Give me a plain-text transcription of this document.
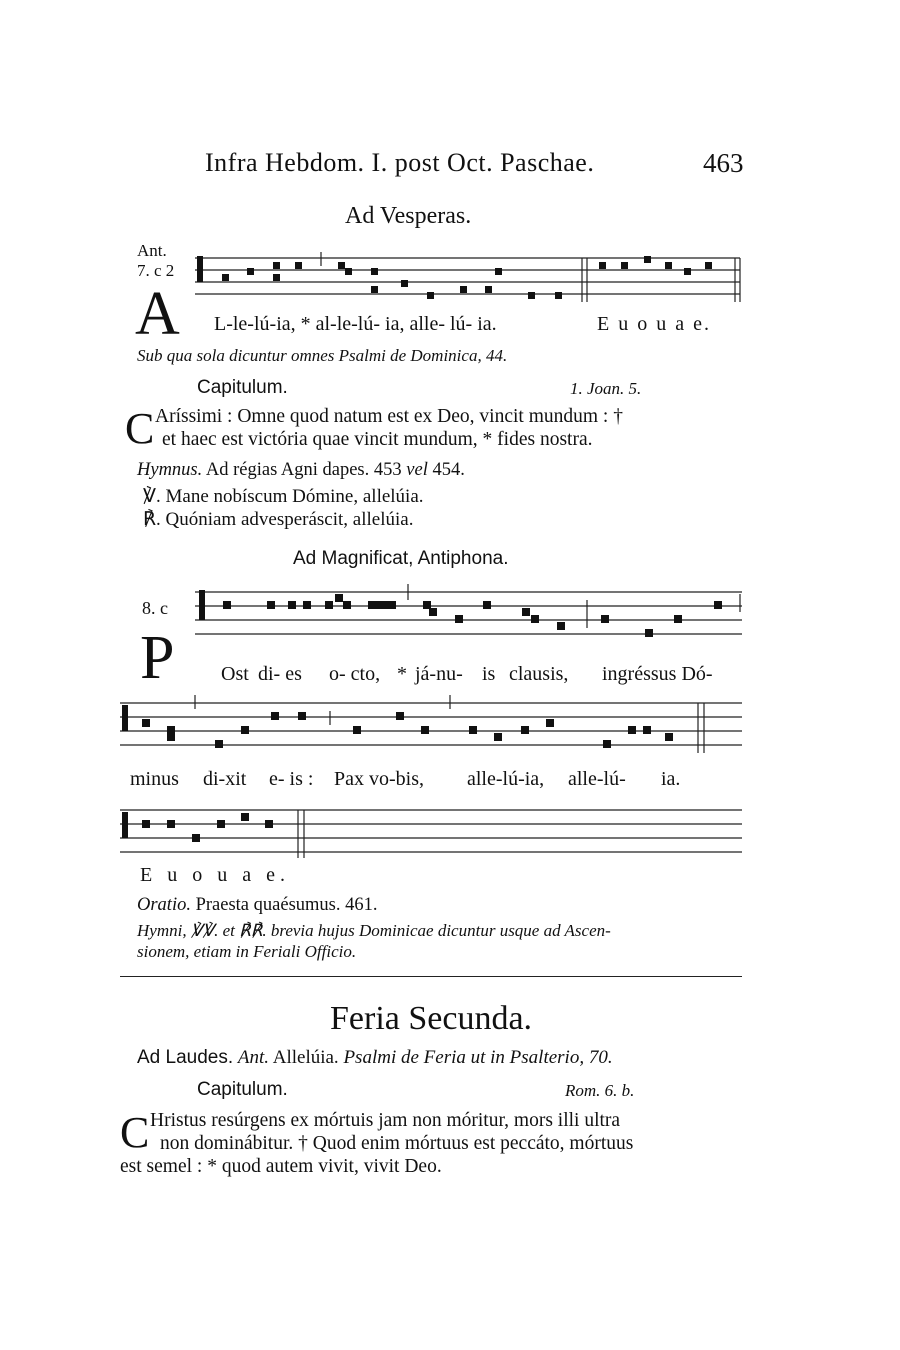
Infra Hebdom. I. post Oct. Paschae.	463
Ad Vesperas.
Ant.
7. c 2
A L-le-lú-ia, * al-le-lú- ia, alle- lú- ia.	E u o u a e.
Sub qua sola dicuntur omnes Psalmi de Dominica, 44.
Capitulum.	1. Joan. 5.
C Aríssimi : Omne quod natum est ex Deo, vincit mundum : †
et haec est victória quae vincit mundum, * fides nostra.
Hymnus. Ad régias Agni dapes. 453 vel 454.
℣. Mane nobíscum Dómine, allelúia.
℟. Quóniam advesperáscit, allelúia.
Ad Magnificat, Antiphona.
8. c
P Ost di- es o- cto, * já-nu- is clausis, ingréssus Dó-
minus di-xit e- is : Pax vo-bis, alle-lú-ia, alle-lú- ia.
E u o u a e.
Oratio. Praesta quaésumus. 461.
Hymni, ℣℣. et ℟℟. brevia hujus Dominicae dicuntur usque ad Ascen-
sionem, etiam in Feriali Officio.
Feria Secunda.
Ad Laudes. Ant. Allelúia. Psalmi de Feria ut in Psalterio, 70.
Capitulum.	Rom. 6. b.
C Hristus resúrgens ex mórtuis jam non móritur, mors illi ultra
non dominábitur. † Quod enim mórtuus est peccáto, mórtuus
est semel : * quod autem vivit, vivit Deo.
